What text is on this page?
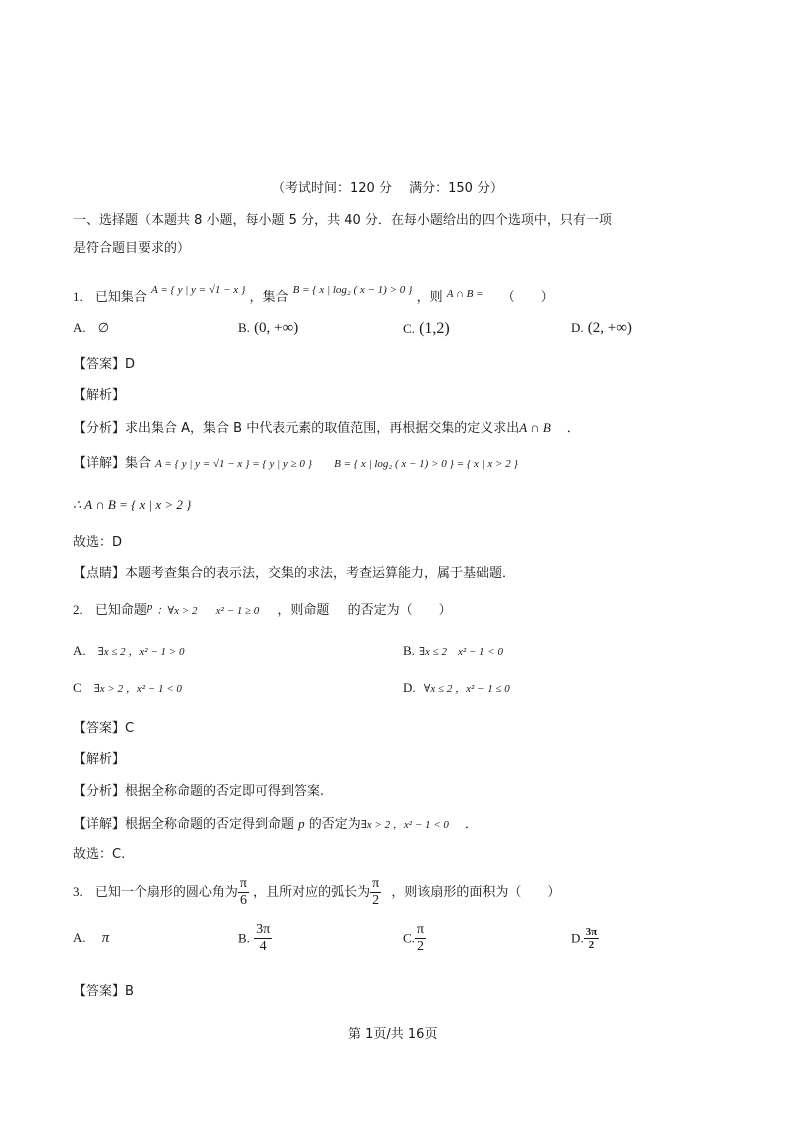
（考试时间：120 分　 满分：150 分）
一、选择题（本题共 8 小题，每小题 5 分，共 40 分．在每小题给出的四个选项中，只有一项
是符合题目要求的）
1. 已知集合 $^{A = \{ y | y = √1 - x \}}$ ，集合 $^{B = \{ x | log_2 ( x - 1) > 0 \}}$ ，则 $^{A \cap B =}$ （　　）
A. ∅	B. (0, +∞)	C. (1,2)	D. (2, +∞)
【答案】D
【解析】
【分析】求出集合 A，集合 B 中代表元素的取值范围，再根据交集的定义求出A ∩ B ．
【详解】集合 A = { y | y = √1 − x } = { y | y ≥ 0 } B = { x | log₂ ( x − 1) > 0 } = { x | x > 2 }
∴ A ∩ B = { x | x > 2 }
故选：D
【点睛】本题考查集合的表示法，交集的求法，考查运算能力，属于基础题．
2. 已知命题$^p$ ：∀x > 2 x² − 1 ≥ 0 ，则命题 的否定为（　　）
A. ∃x ≤ 2 ，x² − 1 > 0	B. ∃x ≤ 2　x² − 1 < 0
C ∃x > 2 ，x² − 1 < 0	D. ∀x ≤ 2 ，x² − 1 ≤ 0
【答案】C
【解析】
【分析】根据全称命题的否定即可得到答案.
【详解】根据全称命题的否定得到命题 p 的否定为∃x > 2 ，x² − 1 < 0 ．
故选：C.
3. 已知一个扇形的圆心角为 $\frac{\pi}{6}$ ，且所对应的弧长为 $\frac{\pi}{2}$ ，则该扇形的面积为（　　）
A. π	B. $\frac{3\pi}{4}$	C. $\frac{\pi}{2}$	D. $\frac{3\pi}{2}$
【答案】B
第 1页/共 16页
